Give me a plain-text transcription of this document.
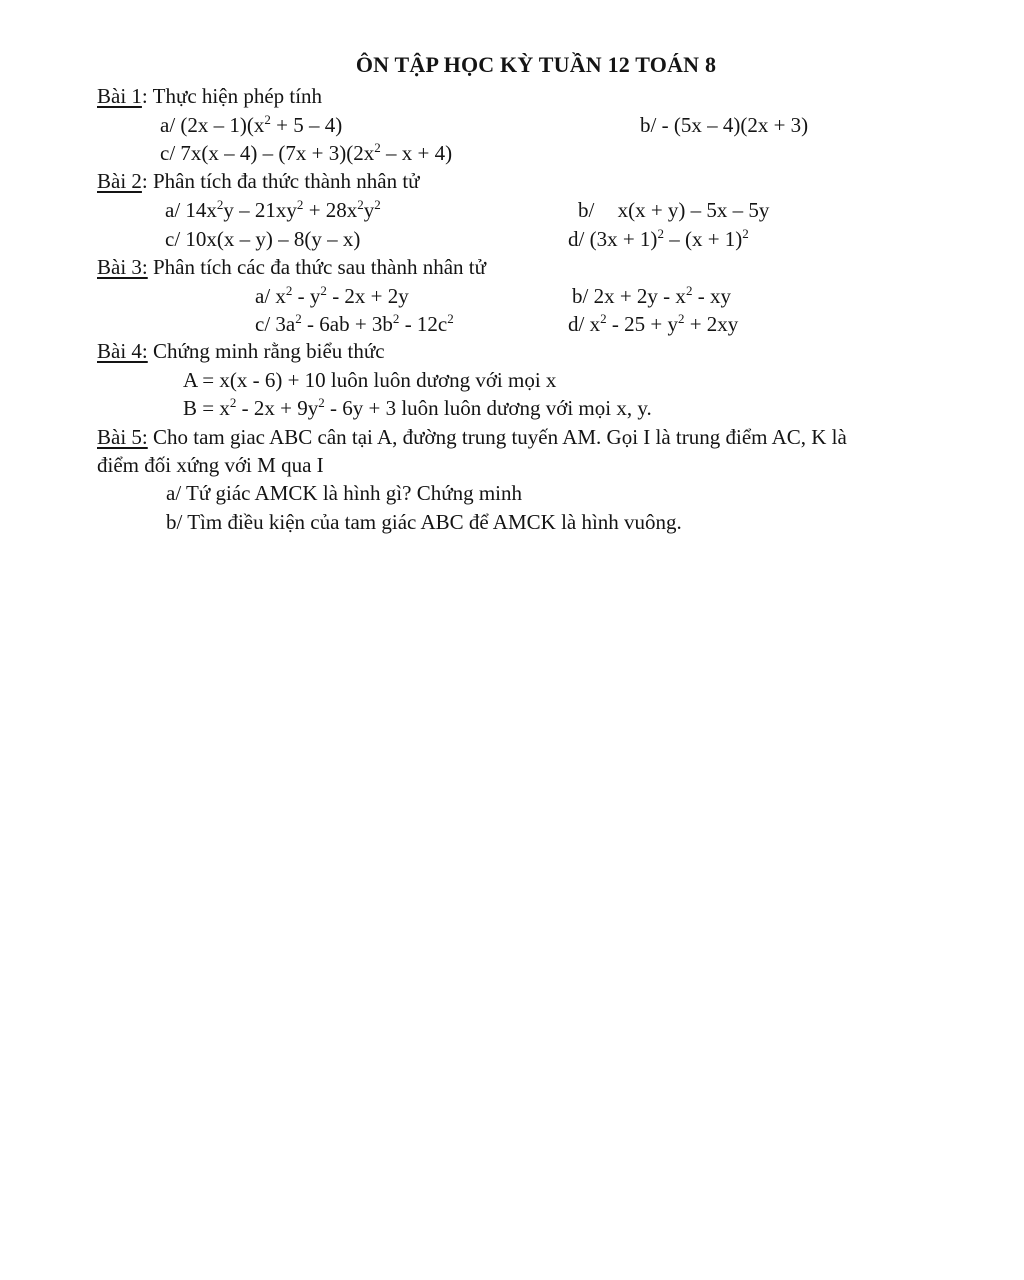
ÔN TẬP HỌC KỲ TUẦN 12 TOÁN 8
Bài 1: Thực hiện phép tính
a/ $(2x - 1)(x^2 + 5 - 4)$	b/ - (5x – 4)(2x + 3)
c/ $7x(x - 4) - (7x + 3)(2x^2 - x + 4)$
Bài 2: Phân tích đa thức thành nhân tử
a/ $14x^2y - 21xy^2 + 28x^2y^2$	b/ x(x + y) – 5x – 5y
c/ 10x(x – y) – 8(y – x)	d/ $(3x + 1)^2 - (x + 1)^2$
Bài 3: Phân tích các đa thức sau thành nhân tử
a/ $x^2 - y^2 - 2x + 2y$	b/ $2x + 2y - x^2$ - xy
c/ $3a^2 - 6ab + 3b^2 - 12c^2$	d/ $x^2 - 25 + y^2 + 2xy$
Bài 4: Chứng minh rằng biểu thức
A = x(x - 6) + 10 luôn luôn dương với mọi x
$B = x^2 - 2x + 9y^2 - 6y + 3$ luôn luôn dương với mọi x, y.
Bài 5: Cho tam giac ABC cân tại A, đường trung tuyến AM. Gọi I là trung điểm AC, K là
điểm đối xứng với M qua I
a/ Tứ giác AMCK là hình gì? Chứng minh
b/ Tìm điều kiện của tam giác ABC để AMCK là hình vuông.
